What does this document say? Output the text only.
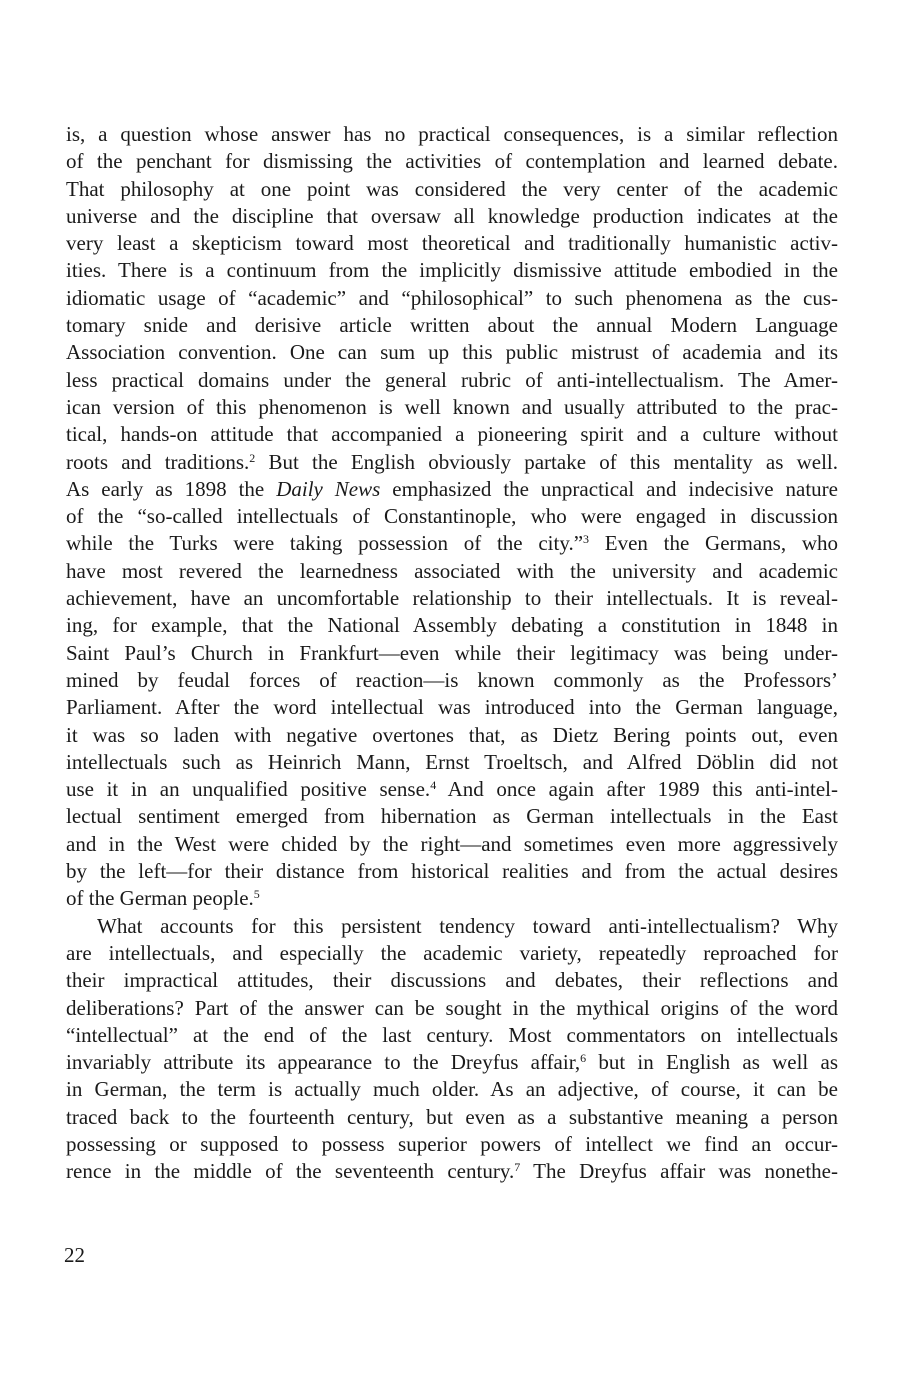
is, a question whose answer has no practical consequences, is a similar reflection
of the penchant for dismissing the activities of contemplation and learned debate.
That philosophy at one point was considered the very center of the academic
universe and the discipline that oversaw all knowledge production indicates at the
very least a skepticism toward most theoretical and traditionally humanistic activ-
ities. There is a continuum from the implicitly dismissive attitude embodied in the
idiomatic usage of “academic” and “philosophical” to such phenomena as the cus-
tomary snide and derisive article written about the annual Modern Language
Association convention. One can sum up this public mistrust of academia and its
less practical domains under the general rubric of anti-intellectualism. The Amer-
ican version of this phenomenon is well known and usually attributed to the prac-
tical, hands-on attitude that accompanied a pioneering spirit and a culture without
roots and traditions.$^2$ But the English obviously partake of this mentality as well.
As early as 1898 the Daily News emphasized the unpractical and indecisive nature
of the “so-called intellectuals of Constantinople, who were engaged in discussion
while the Turks were taking possession of the city.”$^3$ Even the Germans, who
have most revered the learnedness associated with the university and academic
achievement, have an uncomfortable relationship to their intellectuals. It is reveal-
ing, for example, that the National Assembly debating a constitution in 1848 in
Saint Paul’s Church in Frankfurt—even while their legitimacy was being under-
mined by feudal forces of reaction—is known commonly as the Professors’
Parliament. After the word intellectual was introduced into the German language,
it was so laden with negative overtones that, as Dietz Bering points out, even
intellectuals such as Heinrich Mann, Ernst Troeltsch, and Alfred Döblin did not
use it in an unqualified positive sense.$^4$ And once again after 1989 this anti-intel-
lectual sentiment emerged from hibernation as German intellectuals in the East
and in the West were chided by the right—and sometimes even more aggressively
by the left—for their distance from historical realities and from the actual desires
of the German people.$^5$
What accounts for this persistent tendency toward anti-intellectualism? Why
are intellectuals, and especially the academic variety, repeatedly reproached for
their impractical attitudes, their discussions and debates, their reflections and
deliberations? Part of the answer can be sought in the mythical origins of the word
“intellectual” at the end of the last century. Most commentators on intellectuals
invariably attribute its appearance to the Dreyfus affair,$^6$ but in English as well as
in German, the term is actually much older. As an adjective, of course, it can be
traced back to the fourteenth century, but even as a substantive meaning a person
possessing or supposed to possess superior powers of intellect we find an occur-
rence in the middle of the seventeenth century.$^7$ The Dreyfus affair was nonethe-
22
